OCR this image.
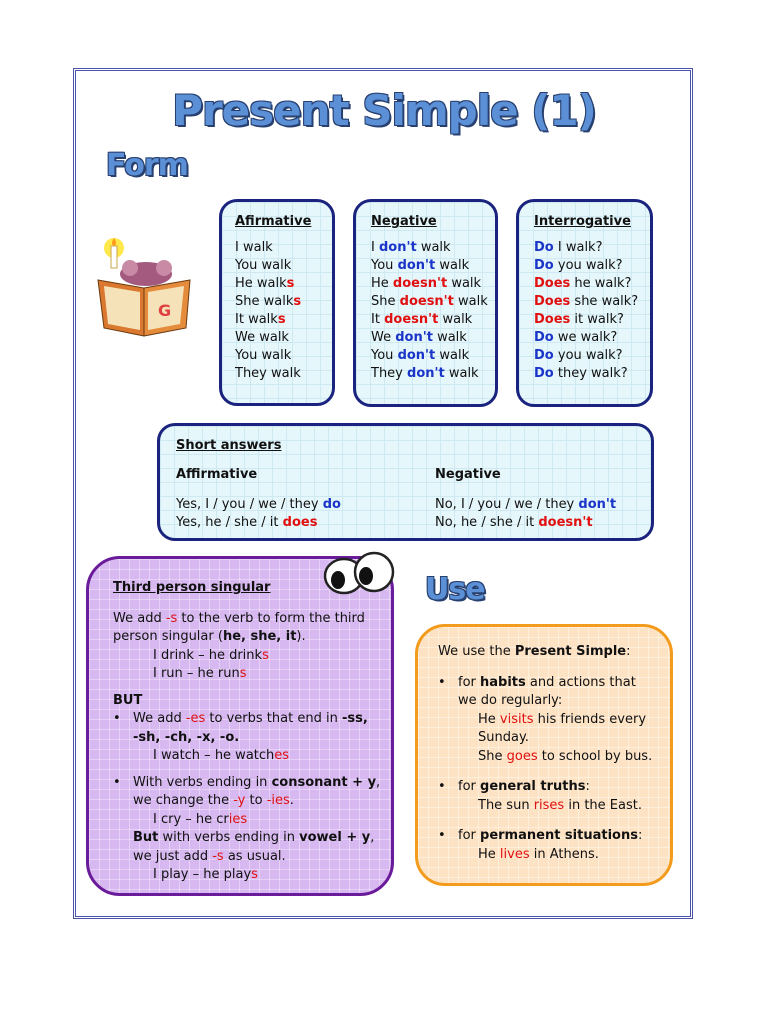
Present Simple (1)
Form
G
Afirmative
I walk
You walk
He walks
She walks
It walks
We walk
You walk
They walk
Negative
I don't walk
You don't walk
He doesn't walk
She doesn't walk
It doesn't walk
We don't walk
You don't walk
They don't walk
Interrogative
Do I walk?
Do you walk?
Does he walk?
Does she walk?
Does it walk?
Do we walk?
Do you walk?
Do they walk?
Short answers
Affirmative
Yes, I / you / we / they do
Yes, he / she / it does
Negative
No, I / you / we / they don't
No, he / she / it doesn't
Third person singular
We add -s to the verb to form the third
person singular (he, she, it).
I drink – he drinks
I run – he runs
BUT
• We add -es to verbs that end in -ss,
-sh, -ch, -x, -o.
I watch – he watches
• With verbs ending in consonant + y,
we change the -y to -ies.
I cry – he cries
But with verbs ending in vowel + y,
we just add -s as usual.
I play – he plays
Use
We use the Present Simple:
• for habits and actions that
we do regularly:
He visits his friends every
Sunday.
She goes to school by bus.
• for general truths:
The sun rises in the East.
• for permanent situations:
He lives in Athens.
